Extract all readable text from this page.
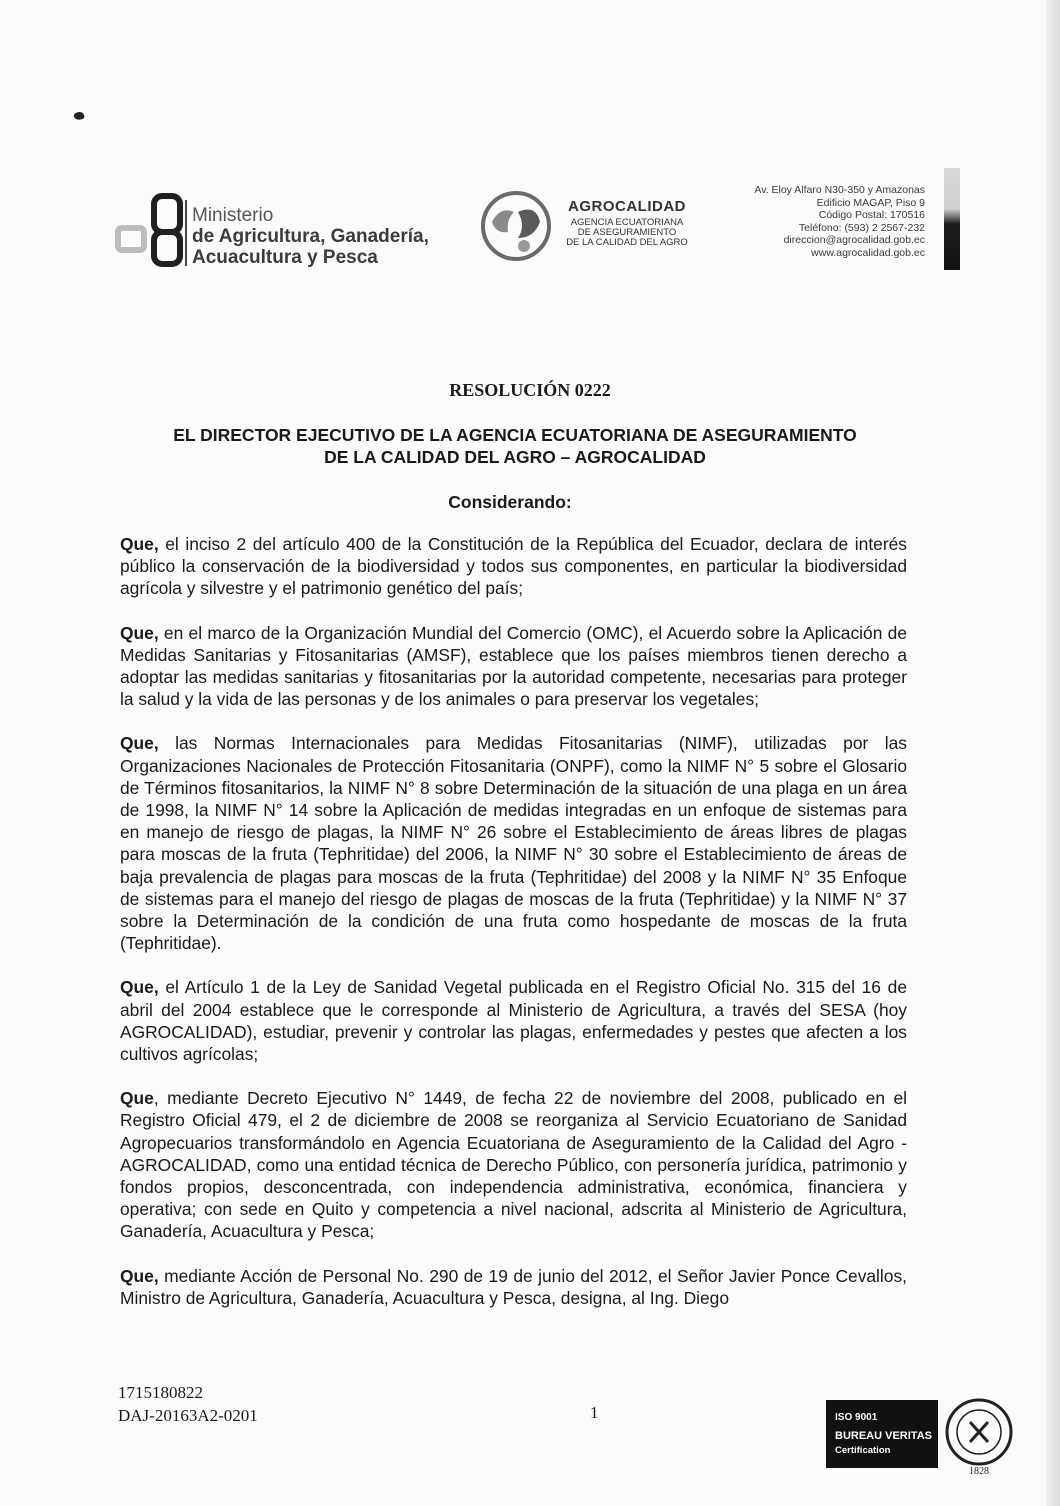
Ministerio
de Agricultura, Ganadería,
Acuacultura y Pesca
AGROCALIDAD
AGENCIA ECUATORIANA
DE ASEGURAMIENTO
DE LA CALIDAD DEL AGRO
Av. Eloy Alfaro N30-350 y Amazonas
Edificio MAGAP, Piso 9
Código Postal: 170516
Teléfono: (593) 2 2567-232
direccion@agrocalidad.gob.ec
www.agrocalidad.gob.ec
RESOLUCIÓN 0222
EL DIRECTOR EJECUTIVO DE LA AGENCIA ECUATORIANA DE ASEGURAMIENTO
DE LA CALIDAD DEL AGRO – AGROCALIDAD
Considerando:

Que, el inciso 2 del artículo 400 de la Constitución de la República del Ecuador, declara de interés público la conservación de la biodiversidad y todos sus componentes, en particular la biodiversidad agrícola y silvestre y el patrimonio genético del país;

Que, en el marco de la Organización Mundial del Comercio (OMC), el Acuerdo sobre la Aplicación de Medidas Sanitarias y Fitosanitarias (AMSF), establece que los países miembros tienen derecho a adoptar las medidas sanitarias y fitosanitarias por la autoridad competente, necesarias para proteger la salud y la vida de las personas y de los animales o para preservar los vegetales;

Que, las Normas Internacionales para Medidas Fitosanitarias (NIMF), utilizadas por las Organizaciones Nacionales de Protección Fitosanitaria (ONPF), como la NIMF N° 5 sobre el Glosario de Términos fitosanitarios, la NIMF N° 8 sobre Determinación de la situación de una plaga en un área de 1998, la NIMF N° 14 sobre la Aplicación de medidas integradas en un enfoque de sistemas para en manejo de riesgo de plagas, la NIMF N° 26 sobre el Establecimiento de áreas libres de plagas para moscas de la fruta (Tephritidae) del 2006, la NIMF N° 30 sobre el Establecimiento de áreas de baja prevalencia de plagas para moscas de la fruta (Tephritidae) del 2008 y la NIMF N° 35 Enfoque de sistemas para el manejo del riesgo de plagas de moscas de la fruta (Tephritidae) y la NIMF N° 37 sobre la Determinación de la condición de una fruta como hospedante de moscas de la fruta (Tephritidae).

Que, el Artículo 1 de la Ley de Sanidad Vegetal publicada en el Registro Oficial No. 315 del 16 de abril del 2004 establece que le corresponde al Ministerio de Agricultura, a través del SESA (hoy AGROCALIDAD), estudiar, prevenir y controlar las plagas, enfermedades y pestes que afecten a los cultivos agrícolas;

Que, mediante Decreto Ejecutivo N° 1449, de fecha 22 de noviembre del 2008, publicado en el Registro Oficial 479, el 2 de diciembre de 2008 se reorganiza al Servicio Ecuatoriano de Sanidad Agropecuarios transformándolo en Agencia Ecuatoriana de Aseguramiento de la Calidad del Agro - AGROCALIDAD, como una entidad técnica de Derecho Público, con personería jurídica, patrimonio y fondos propios, desconcentrada, con independencia administrativa, económica, financiera y operativa; con sede en Quito y competencia a nivel nacional, adscrita al Ministerio de Agricultura, Ganadería, Acuacultura y Pesca;

Que, mediante Acción de Personal No. 290 de 19 de junio del 2012, el Señor Javier Ponce Cevallos, Ministro de Agricultura, Ganadería, Acuacultura y Pesca, designa, al Ing. Diego

1715180822
DAJ-20163A2-0201	1	ISO 9001
BUREAU VERITAS
Certification
1828
